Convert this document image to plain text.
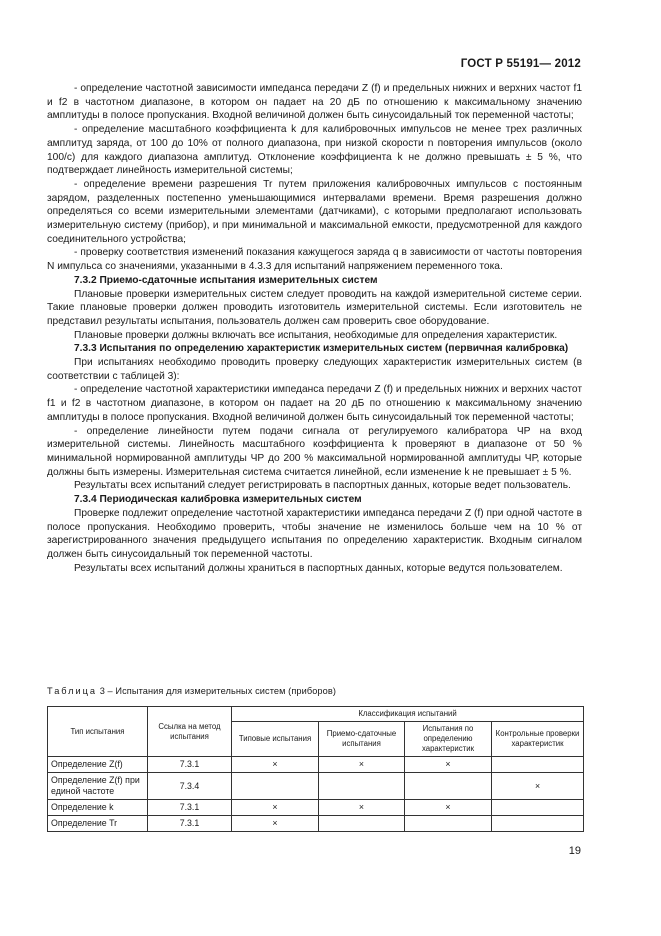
ГОСТ Р 55191— 2012

- определение частотной зависимости импеданса передачи Z (f) и предельных нижних и верхних частот f1 и f2 в частотном диапазоне, в котором он падает на 20 дБ по отношению к максимальному значению амплитуды в полосе пропускания. Входной величиной должен быть синусоидальный ток переменной частоты;

- определение масштабного коэффициента k для калибровочных импульсов не менее трех различных амплитуд заряда, от 100 до 10% от полного диапазона, при низкой скорости n повторения импульсов (около 100/с) для каждого диапазона амплитуд. Отклонение коэффициента k не должно превышать ± 5 %, что подтверждает линейность измерительной системы;

- определение времени разрешения Tr путем приложения калибровочных импульсов с постоянным зарядом, разделенных постепенно уменьшающимися интервалами времени. Время разрешения должно определяться со всеми измерительными элементами (датчиками), с которыми предполагают использовать измерительную систему (прибор), и при минимальной и максимальной емкости, предусмотренной для каждого соединительного устройства;

- проверку соответствия изменений показания кажущегося заряда q в зависимости от частоты повторения N импульса со значениями, указанными в 4.3.3 для испытаний напряжением переменного тока.

7.3.2 Приемо-сдаточные испытания измерительных систем

Плановые проверки измерительных систем следует проводить на каждой измерительной системе серии. Такие плановые проверки должен проводить изготовитель измерительной системы. Если изготовитель не представил результаты испытания, пользователь должен сам проверить свое оборудование.

Плановые проверки должны включать все испытания, необходимые для определения характеристик.

7.3.3 Испытания по определению характеристик измерительных систем (первичная калибровка)

При испытаниях необходимо проводить проверку следующих характеристик измерительных систем (в соответствии с таблицей 3):

- определение частотной характеристики импеданса передачи Z (f) и предельных нижних и верхних частот f1 и f2 в частотном диапазоне, в котором он падает на 20 дБ по отношению к максимальному значению амплитуды в полосе пропускания. Входной величиной должен быть синусоидальный ток переменной частоты;

- определение линейности путем подачи сигнала от регулируемого калибратора ЧР на вход измерительной системы. Линейность масштабного коэффициента k проверяют в диапазоне от 50 % минимальной нормированной амплитуды ЧР до 200 % максимальной нормированной амплитуды ЧР, которые должны быть измерены. Измерительная система считается линейной, если изменение k не превышает ± 5 %.

Результаты всех испытаний следует регистрировать в паспортных данных, которые ведет пользователь.

7.3.4 Периодическая калибровка измерительных систем

Проверке подлежит определение частотной характеристики импеданса передачи Z (f) при одной частоте в полосе пропускания. Необходимо проверить, чтобы значение не изменилось больше чем на 10 % от зарегистрированного значения предыдущего испытания по определению характеристик. Входным сигналом должен быть синусоидальный ток переменной частоты.

Результаты всех испытаний должны храниться в паспортных данных, которые ведутся пользователем.

Таблица 3 – Испытания для измерительных систем (приборов)
Тип испытания	Ссылка на метод испытания	Классификация испытаний			
		Типовые испытания	Приемо-сдаточные испытания	Испытания по определению характеристик	Контрольные проверки характеристик
Определение Z(f)	7.3.1	×	×	×	
Определение Z(f) при единой частоте	7.3.4				×
Определение k	7.3.1	×	×	×	
Определение Tr	7.3.1	×			
19
